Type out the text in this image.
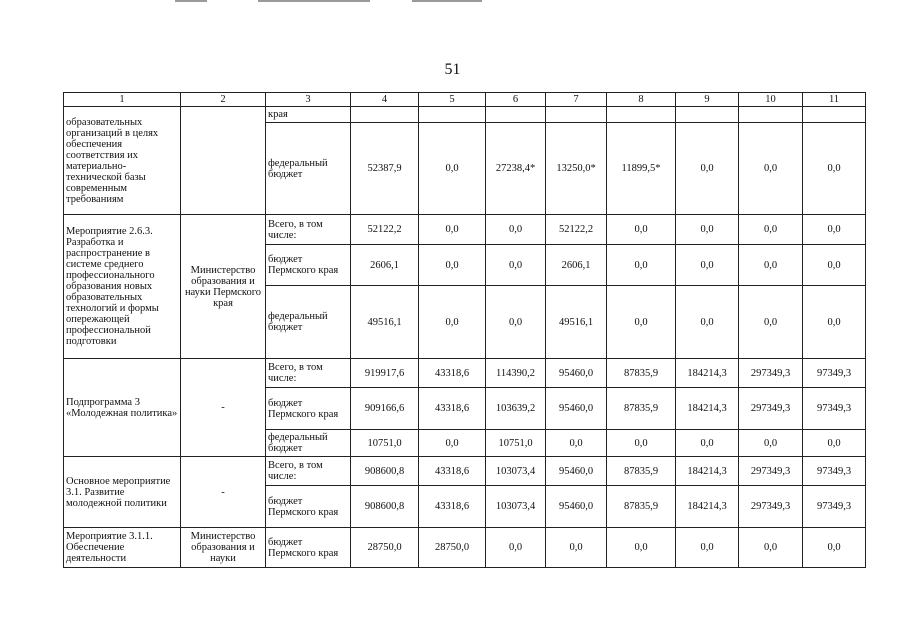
51
1	2	3	4	5	6	7	8	9	10	11
образовательных организаций в целях обеспечения соответствия их материально-технической базы современным требованиям		края								
		федеральный бюджет	52387,9	0,0	27238,4*	13250,0*	11899,5*	0,0	0,0	0,0
Мероприятие 2.6.3. Разработка и распространение в системе среднего профессионального образования новых образовательных технологий и формы опережающей профессиональной подготовки	Министерство образования и науки Пермского края	Всего, в том числе:	52122,2	0,0	0,0	52122,2	0,0	0,0	0,0	0,0
		бюджет Пермского края	2606,1	0,0	0,0	2606,1	0,0	0,0	0,0	0,0
		федеральный бюджет	49516,1	0,0	0,0	49516,1	0,0	0,0	0,0	0,0
Подпрограмма 3 «Молодежная политика»	-	Всего, в том числе:	919917,6	43318,6	114390,2	95460,0	87835,9	184214,3	297349,3	97349,3
		бюджет Пермского края	909166,6	43318,6	103639,2	95460,0	87835,9	184214,3	297349,3	97349,3
		федеральный бюджет	10751,0	0,0	10751,0	0,0	0,0	0,0	0,0	0,0
Основное мероприятие 3.1. Развитие молодежной политики	-	Всего, в том числе:	908600,8	43318,6	103073,4	95460,0	87835,9	184214,3	297349,3	97349,3
		бюджет Пермского края	908600,8	43318,6	103073,4	95460,0	87835,9	184214,3	297349,3	97349,3
Мероприятие 3.1.1. Обеспечение деятельности	Министерство образования и науки	бюджет Пермского края	28750,0	28750,0	0,0	0,0	0,0	0,0	0,0	0,0
